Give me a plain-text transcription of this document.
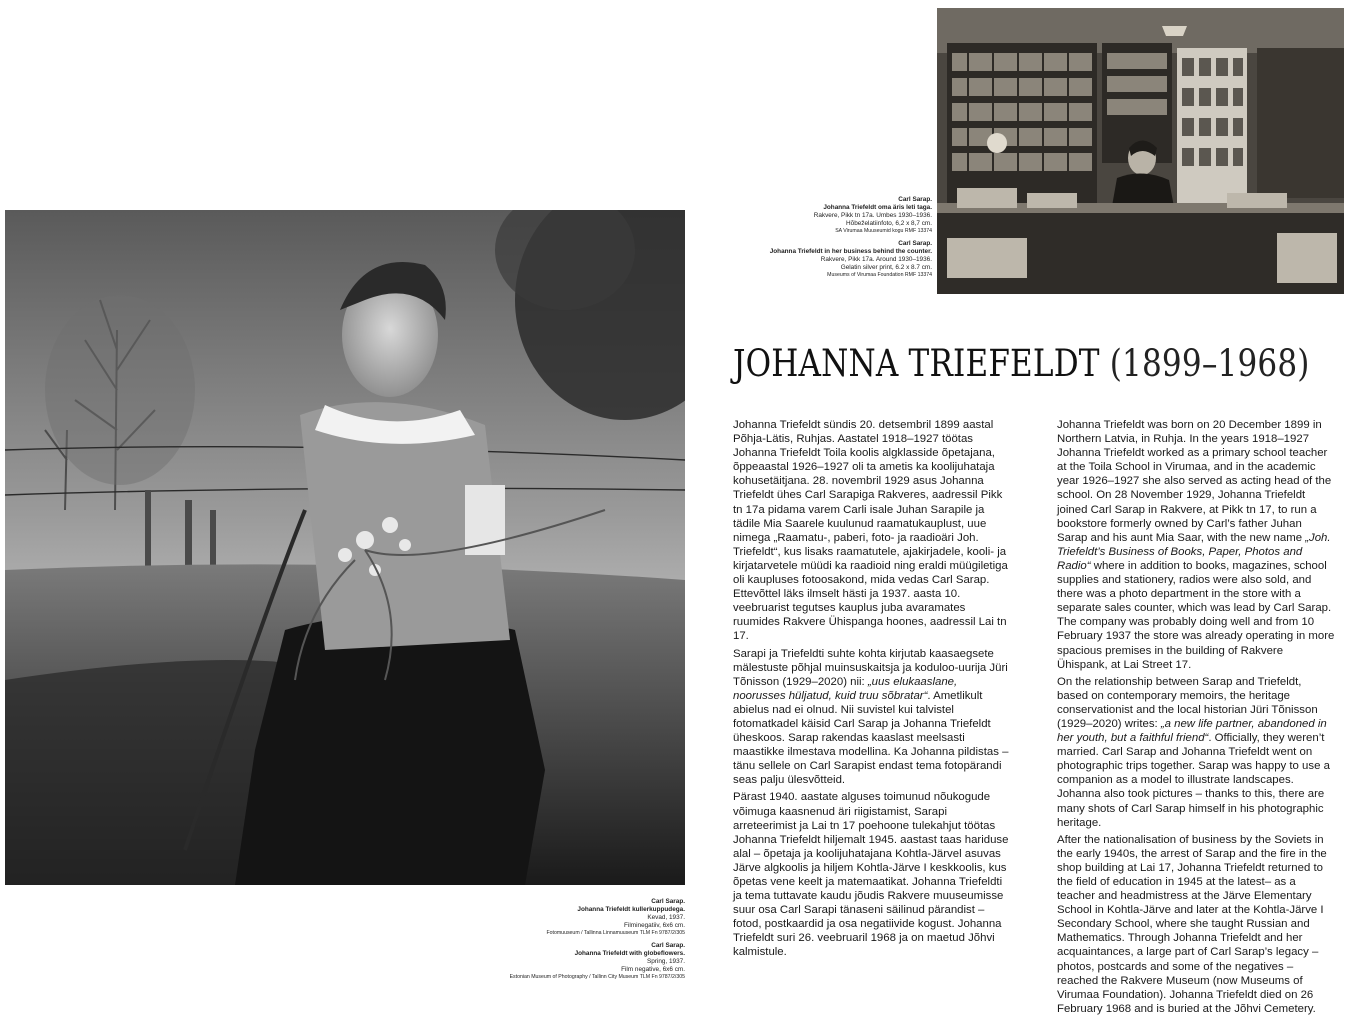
Carl Sarap.
Johanna Triefeldt oma äris leti taga.
Rakvere, Pikk tn 17a. Umbes 1930–1936.
Hõbeželatiinfoto, 6,2 x 8,7 cm.
SA Virumaa Muuseumid kogu RMF 13374
Carl Sarap.
Johanna Triefeldt in her business behind the counter.
Rakvere, Pikk 17a. Around 1930–1936.
Gelatin silver print, 6.2 x 8.7 cm.
Museums of Virumaa Foundation RMF 13374
Carl Sarap.
Johanna Triefeldt kullerkuppudega.
Kevad, 1937.
Filminegatiiv, 6x6 cm.
Fotomuuseum / Tallinna Linnamuuseum TLM Fn 9787/2/305
Carl Sarap.
Johanna Triefeldt with globeflowers.
Spring, 1937.
Film negative, 6x6 cm.
Estonian Museum of Photography / Tallinn City Museum TLM Fn 9787/2/305
JOHANNA TRIEFELDT (1899–1968)

Johanna Triefeldt sündis 20. detsembril 1899 aastal Põhja-Lätis, Ruhjas. Aastatel 1918–1927 töötas Johanna Triefeldt Toila koolis algklasside õpetajana, õppeaastal 1926–1927 oli ta ametis ka koolijuhataja kohusetäitjana. 28. novembril 1929 asus Johanna Triefeldt ühes Carl Sarapiga Rakveres, aadressil Pikk tn 17a pidama varem Carli isale Juhan Sarapile ja tädile Mia Saarele kuulunud raamatukauplust, uue nimega „Raamatu-, paberi, foto- ja raadioäri Joh. Triefeldt“, kus lisaks raamatutele, ajakirjadele, kooli- ja kirjatarvetele müüdi ka raadioid ning eraldi müügiletiga oli kaupluses fotoosakond, mida vedas Carl Sarap. Ettevõttel läks ilmselt hästi ja 1937. aasta 10. veebruarist tegutses kauplus juba avaramates ruumides Rakvere Ühispanga hoones, aadressil Lai tn 17.

Sarapi ja Triefeldti suhte kohta kirjutab kaasaegsete mälestuste põhjal muinsuskaitsja ja koduloo-uurija Jüri Tõnisson (1929–2020) nii: „uus elukaaslane, noorusses hüljatud, kuid truu sõbratar“. Ametlikult abielus nad ei olnud. Nii suvistel kui talvistel fotomatkadel käisid Carl Sarap ja Johanna Triefeldt üheskoos. Sarap rakendas kaaslast meelsasti maastikke ilmestava modellina. Ka Johanna pildistas – tänu sellele on Carl Sarapist endast tema fotopärandi seas palju ülesvõtteid.

Pärast 1940. aastate alguses toimunud nõukogude võimuga kaasnenud äri riigistamist, Sarapi arreteerimist ja Lai tn 17 poehoone tulekahjut töötas Johanna Triefeldt hiljemalt 1945. aastast taas hariduse alal – õpetaja ja koolijuhatajana Kohtla-Järvel asuvas Järve algkoolis ja hiljem Kohtla-Järve I keskkoolis, kus õpetas vene keelt ja matemaatikat. Johanna Triefeldti ja tema tuttavate kaudu jõudis Rakvere muuseumisse suur osa Carl Sarapi tänaseni säilinud pärandist – fotod, postkaardid ja osa negatiivide kogust. Johanna Triefeldt suri 26. veebruaril 1968 ja on maetud Jõhvi kalmistule.

Johanna Triefeldt was born on 20 December 1899 in Northern Latvia, in Ruhja. In the years 1918–1927 Johanna Triefeldt worked as a primary school teacher at the Toila School in Virumaa, and in the academic year 1926–1927 she also served as acting head of the school. On 28 November 1929, Johanna Triefeldt joined Carl Sarap in Rakvere, at Pikk tn 17, to run a bookstore formerly owned by Carl’s father Juhan Sarap and his aunt Mia Saar, with the new name „Joh. Triefeldt’s Business of Books, Paper, Photos and Radio“ where in addition to books, magazines, school supplies and stationery, radios were also sold, and there was a photo department in the store with a separate sales counter, which was lead by Carl Sarap. The company was probably doing well and from 10 February 1937 the store was already operating in more spacious premises in the building of Rakvere Ühispank, at Lai Street 17.

On the relationship between Sarap and Triefeldt, based on contemporary memoirs, the heritage conservationist and the local historian Jüri Tõnisson (1929–2020) writes: „a new life partner, abandoned in her youth, but a faithful friend“. Officially, they weren’t married. Carl Sarap and Johanna Triefeldt went on photographic trips together. Sarap was happy to use a companion as a model to illustrate landscapes. Johanna also took pictures – thanks to this, there are many shots of Carl Sarap himself in his photographic heritage.

After the nationalisation of business by the Soviets in the early 1940s, the arrest of Sarap and the fire in the shop building at Lai 17, Johanna Triefeldt returned to the field of education in 1945 at the latest– as a teacher and headmistress at the Järve Elementary School in Kohtla-Järve and later at the Kohtla-Järve I Secondary School, where she taught Russian and Mathematics. Through Johanna Triefeldt and her acquaintances, a large part of Carl Sarap’s legacy – photos, postcards and some of the negatives – reached the Rakvere Museum (now Museums of Virumaa Foundation). Johanna Triefeldt died on 26 February 1968 and is buried at the Jõhvi Cemetery.
